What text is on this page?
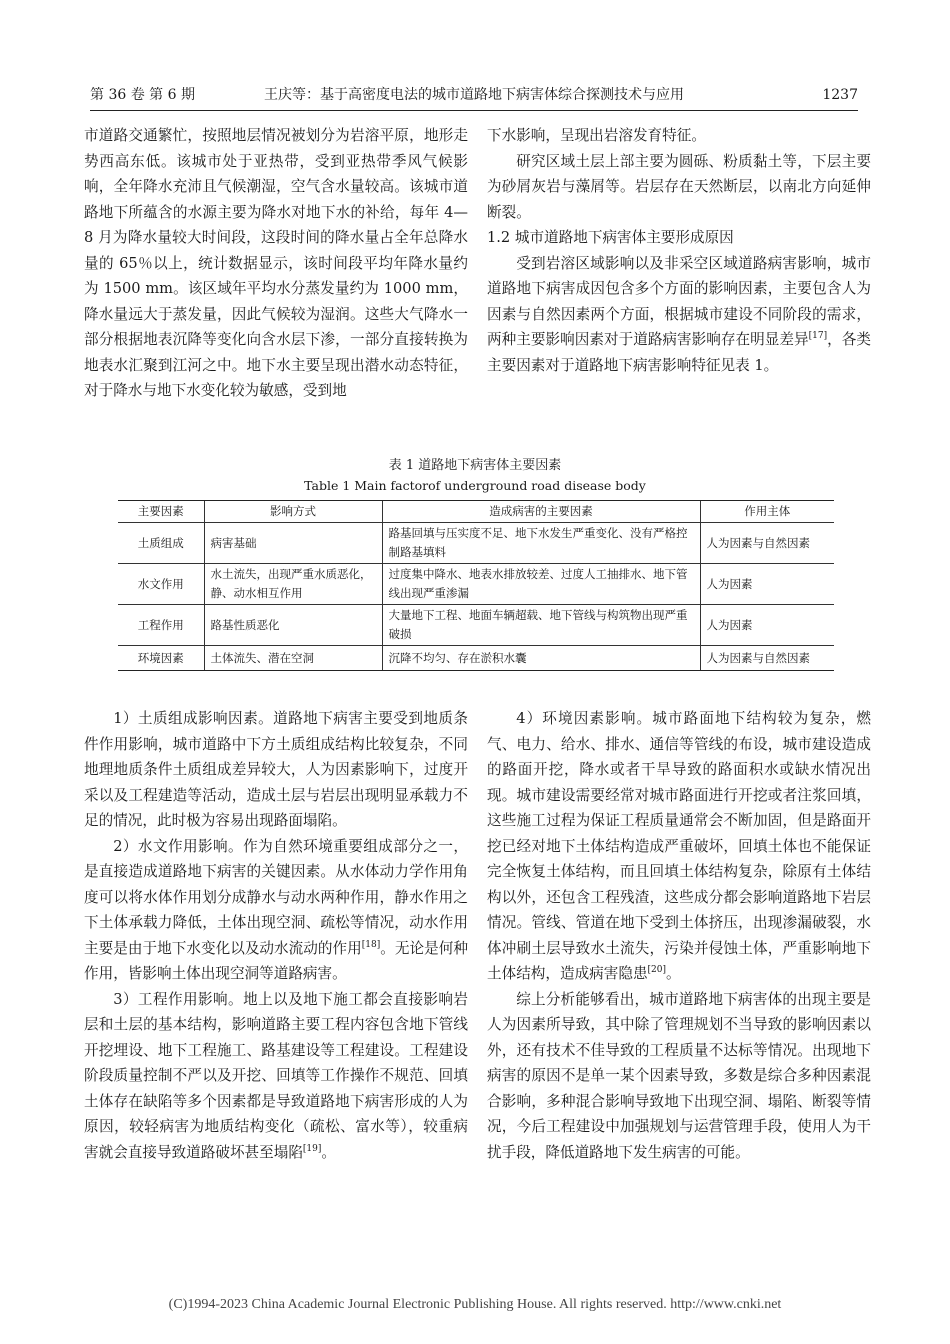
第 36 卷 第 6 期	王庆等：基于高密度电法的城市道路地下病害体综合探测技术与应用	1237

市道路交通繁忙，按照地层情况被划分为岩溶平原，地形走势西高东低。该城市处于亚热带，受到亚热带季风气候影响，全年降水充沛且气候潮湿，空气含水量较高。该城市道路地下所蕴含的水源主要为降水对地下水的补给，每年 4—8 月为降水量较大时间段，这段时间的降水量占全年总降水量的 65％以上，统计数据显示，该时间段平均年降水量约为 1500 mm。该区域年平均水分蒸发量约为 1000 mm，降水量远大于蒸发量，因此气候较为湿润。这些大气降水一部分根据地表沉降等变化向含水层下渗，一部分直接转换为地表水汇聚到江河之中。地下水主要呈现出潜水动态特征，对于降水与地下水变化较为敏感，受到地

下水影响，呈现出岩溶发育特征。

研究区域土层上部主要为圆砾、粉质黏土等，下层主要为砂屑灰岩与藻屑等。岩层存在天然断层，以南北方向延伸断裂。

1.2 城市道路地下病害体主要形成原因

受到岩溶区域影响以及非采空区域道路病害影响，城市道路地下病害成因包含多个方面的影响因素，主要包含人为因素与自然因素两个方面，根据城市建设不同阶段的需求，两种主要影响因素对于道路病害影响存在明显差异[17]，各类主要因素对于道路地下病害影响特征见表 1。

表 1 道路地下病害体主要因素
Table 1 Main factorof underground road disease body
主要因素	影响方式	造成病害的主要因素	作用主体
土质组成	病害基础	路基回填与压实度不足、地下水发生严重变化、没有严格控制路基填料	人为因素与自然因素
水文作用	水土流失，出现严重水质恶化，静、动水相互作用	过度集中降水、地表水排放较差、过度人工抽排水、地下管线出现严重渗漏	人为因素
工程作用	路基性质恶化	大量地下工程、地面车辆超载、地下管线与构筑物出现严重破损	人为因素
环境因素	土体流失、潜在空洞	沉降不均匀、存在淤积水囊	人为因素与自然因素

1）土质组成影响因素。道路地下病害主要受到地质条件作用影响，城市道路中下方土质组成结构比较复杂，不同地理地质条件土质组成差异较大，人为因素影响下，过度开采以及工程建造等活动，造成土层与岩层出现明显承载力不足的情况，此时极为容易出现路面塌陷。

2）水文作用影响。作为自然环境重要组成部分之一，是直接造成道路地下病害的关键因素。从水体动力学作用角度可以将水体作用划分成静水与动水两种作用，静水作用之下土体承载力降低，土体出现空洞、疏松等情况，动水作用主要是由于地下水变化以及动水流动的作用[18]。无论是何种作用，皆影响土体出现空洞等道路病害。

3）工程作用影响。地上以及地下施工都会直接影响岩层和土层的基本结构，影响道路主要工程内容包含地下管线开挖埋设、地下工程施工、路基建设等工程建设。工程建设阶段质量控制不严以及开挖、回填等工作操作不规范、回填土体存在缺陷等多个因素都是导致道路地下病害形成的人为原因，较轻病害为地质结构变化（疏松、富水等），较重病害就会直接导致道路破坏甚至塌陷[19]。

4）环境因素影响。城市路面地下结构较为复杂，燃气、电力、给水、排水、通信等管线的布设，城市建设造成的路面开挖，降水或者干旱导致的路面积水或缺水情况出现。城市建设需要经常对城市路面进行开挖或者注浆回填，这些施工过程为保证工程质量通常会不断加固，但是路面开挖已经对地下土体结构造成严重破坏，回填土体也不能保证完全恢复土体结构，而且回填土体结构复杂，除原有土体结构以外，还包含工程残渣，这些成分都会影响道路地下岩层情况。管线、管道在地下受到土体挤压，出现渗漏破裂，水体冲刷土层导致水土流失，污染并侵蚀土体，严重影响地下土体结构，造成病害隐患[20]。

综上分析能够看出，城市道路地下病害体的出现主要是人为因素所导致，其中除了管理规划不当导致的影响因素以外，还有技术不佳导致的工程质量不达标等情况。出现地下病害的原因不是单一某个因素导致，多数是综合多种因素混合影响，多种混合影响导致地下出现空洞、塌陷、断裂等情况，今后工程建设中加强规划与运营管理手段，使用人为干扰手段，降低道路地下发生病害的可能。

(C)1994-2023 China Academic Journal Electronic Publishing House. All rights reserved. http://www.cnki.net
